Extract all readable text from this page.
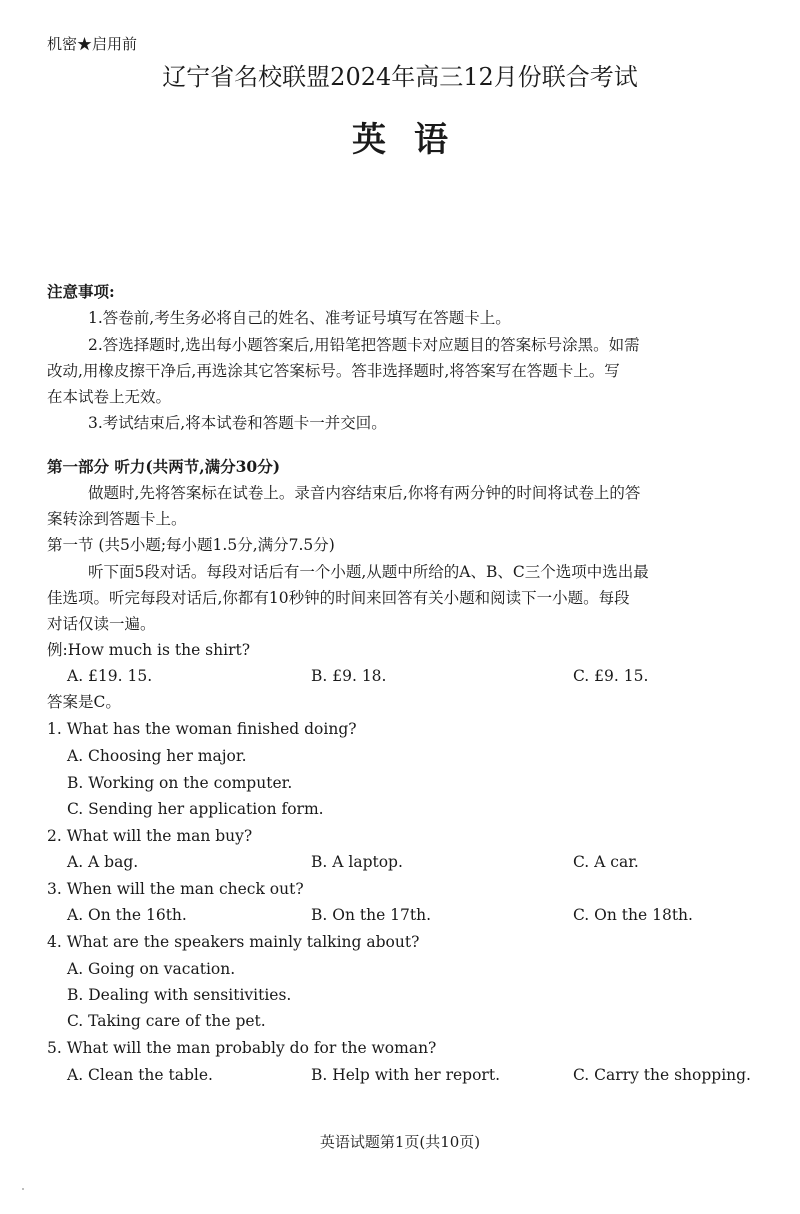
机密★启用前
辽宁省名校联盟2024年高三12月份联合考试
英语
注意事项:
1.答卷前,考生务必将自己的姓名、准考证号填写在答题卡上。
2.答选择题时,选出每小题答案后,用铅笔把答题卡对应题目的答案标号涂黑。如需
改动,用橡皮擦干净后,再选涂其它答案标号。答非选择题时,将答案写在答题卡上。写
在本试卷上无效。
3.考试结束后,将本试卷和答题卡一并交回。
第一部分 听力(共两节,满分30分)
做题时,先将答案标在试卷上。录音内容结束后,你将有两分钟的时间将试卷上的答
案转涂到答题卡上。
第一节 (共5小题;每小题1.5分,满分7.5分)
听下面5段对话。每段对话后有一个小题,从题中所给的A、B、C三个选项中选出最
佳选项。听完每段对话后,你都有10秒钟的时间来回答有关小题和阅读下一小题。每段
对话仅读一遍。
例:How much is the shirt?
A. £19. 15.	B. £9. 18.	C. £9. 15.
答案是C。
1. What has the woman finished doing?
A. Choosing her major.
B. Working on the computer.
C. Sending her application form.
2. What will the man buy?
A. A bag.	B. A laptop.	C. A car.
3. When will the man check out?
A. On the 16th.	B. On the 17th.	C. On the 18th.
4. What are the speakers mainly talking about?
A. Going on vacation.
B. Dealing with sensitivities.
C. Taking care of the pet.
5. What will the man probably do for the woman?
A. Clean the table.	B. Help with her report.	C. Carry the shopping.
英语试题第1页(共10页)
